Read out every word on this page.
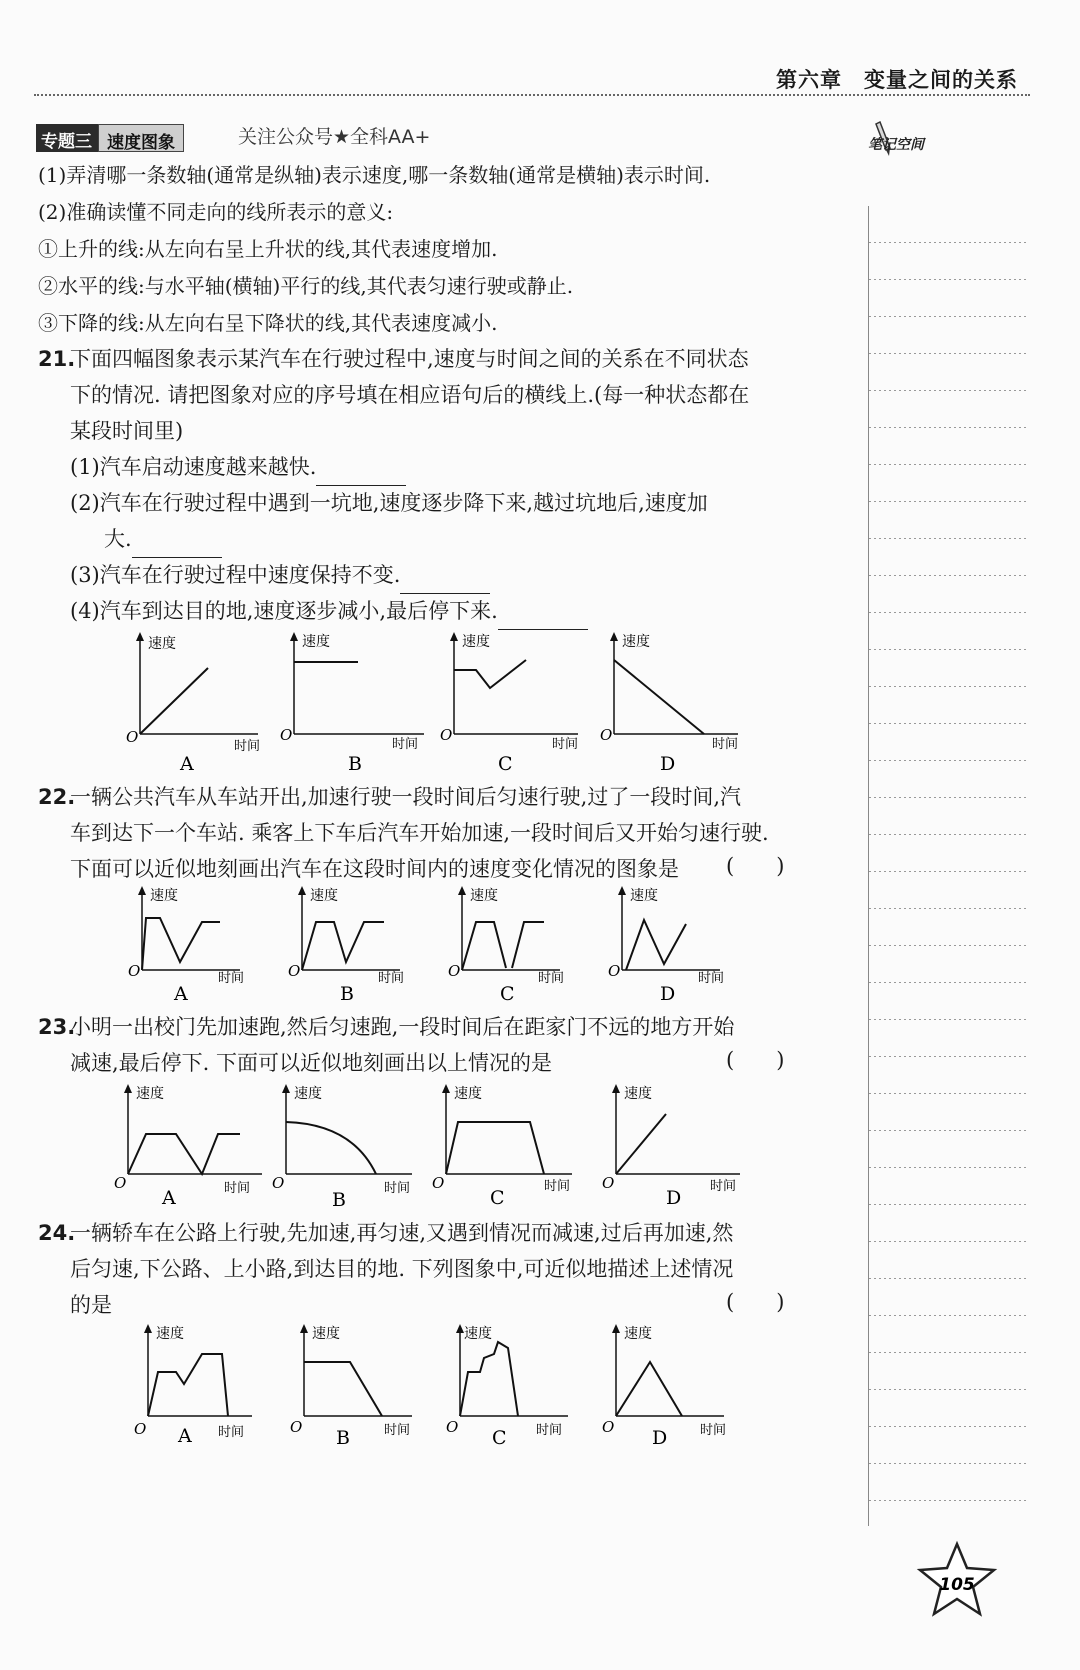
第六章　变量之间的关系
专题三 速度图象	关注公众号★全科AA+	笔记空间
(1)弄清哪一条数轴(通常是纵轴)表示速度,哪一条数轴(通常是横轴)表示时间.
(2)准确读懂不同走向的线所表示的意义:
①上升的线:从左向右呈上升状的线,其代表速度增加.
②水平的线:与水平轴(横轴)平行的线,其代表匀速行驶或静止.
③下降的线:从左向右呈下降状的线,其代表速度减小.
21.
下面四幅图象表示某汽车在行驶过程中,速度与时间之间的关系在不同状态
下的情况. 请把图象对应的序号填在相应语句后的横线上.(每一种状态都在
某段时间里)
(1)汽车启动速度越来越快.
(2)汽车在行驶过程中遇到一坑地,速度逐步降下来,越过坑地后,速度加
大.
(3)汽车在行驶过程中速度保持不变.
(4)汽车到达目的地,速度逐步减小,最后停下来.
速度
时间
O
A
速度
时间
O
B
速度
时间
O
C
速度
时间
O
D
22.
一辆公共汽车从车站开出,加速行驶一段时间后匀速行驶,过了一段时间,汽
车到达下一个车站. 乘客上下车后汽车开始加速,一段时间后又开始匀速行驶.
下面可以近似地刻画出汽车在这段时间内的速度变化情况的图象是 (　　)
速度
时间
O
A
速度
时间
O
B
速度
时间
O
C
速度
时间
O
D
23.
小明一出校门先加速跑,然后匀速跑,一段时间后在距家门不远的地方开始
减速,最后停下. 下面可以近似地刻画出以上情况的是	(　　)
速度
时间
O
A
速度
时间
O
B
速度
时间
O
C
速度
时间
O
D
24.
一辆轿车在公路上行驶,先加速,再匀速,又遇到情况而减速,过后再加速,然
后匀速,下公路、上小路,到达目的地. 下列图象中,可近似地描述上述情况
的是	(　　)
速度
时间
O A
速度
时间
O B
速度
时间
O C
速度
时间
O D
105
